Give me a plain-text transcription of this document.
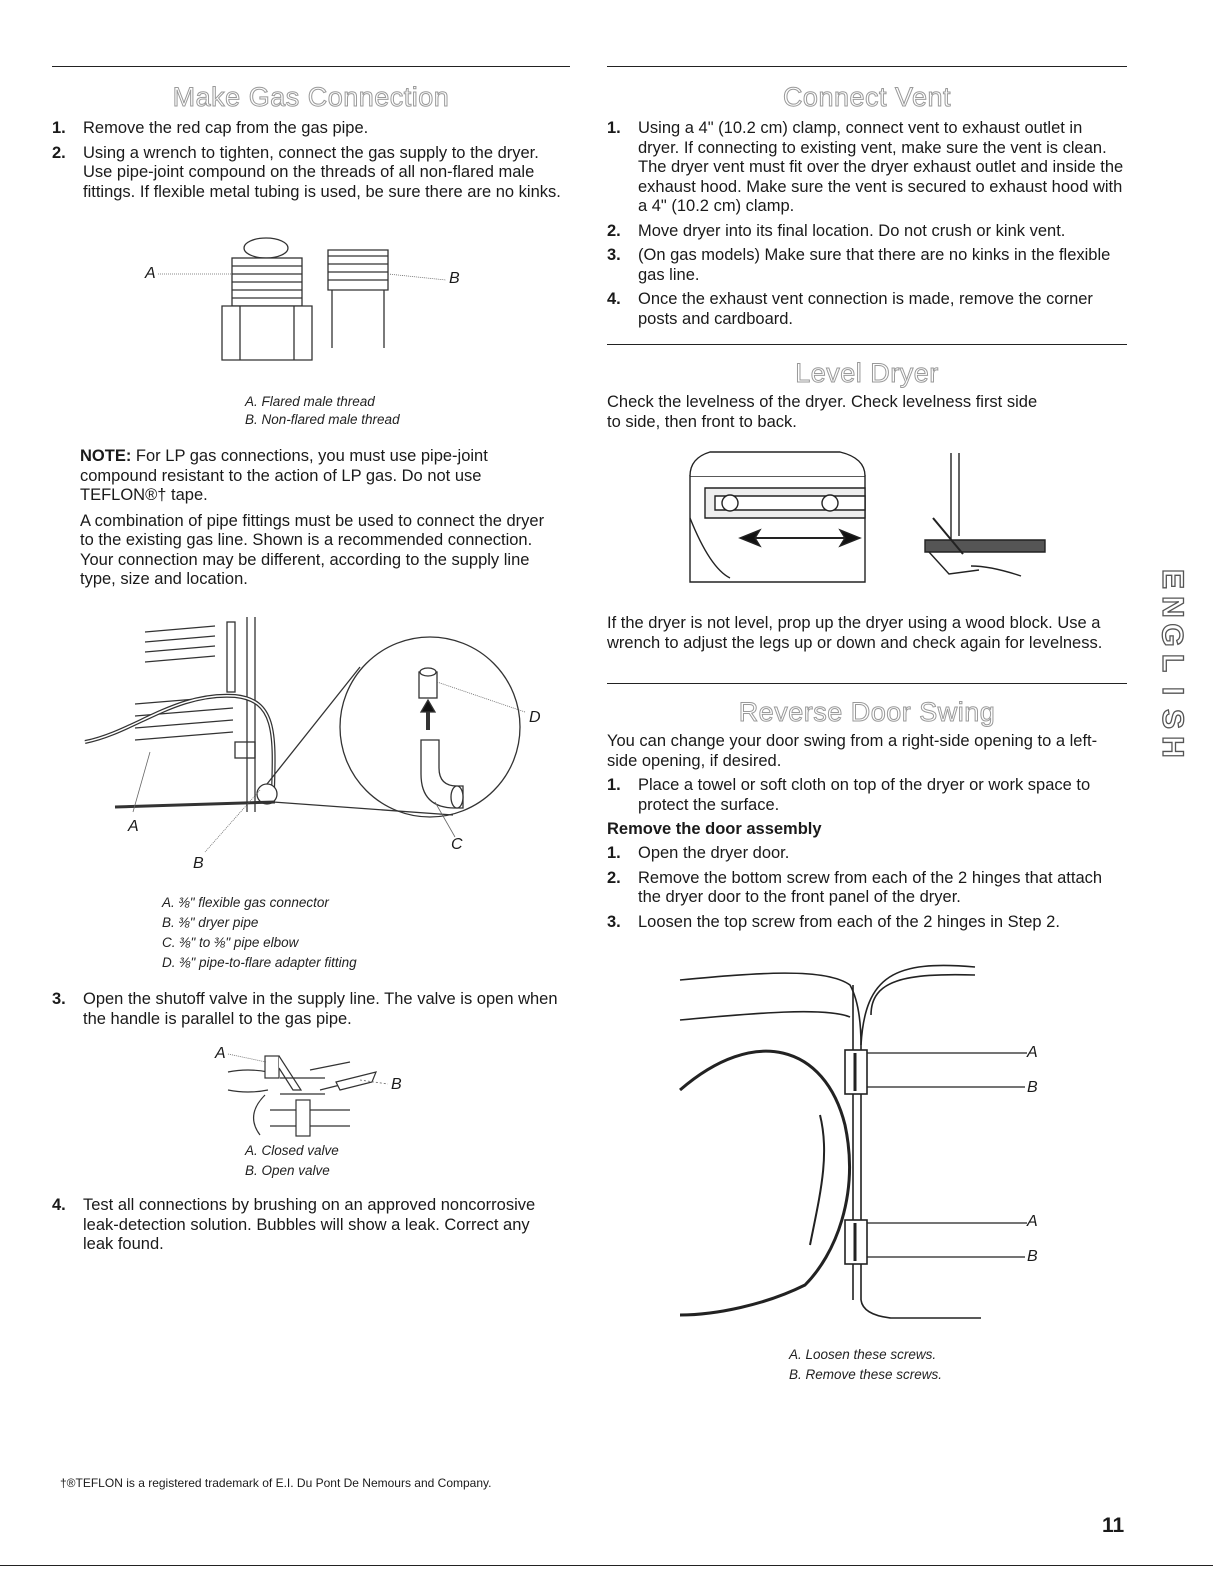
Make Gas Connection
1. Remove the red cap from the gas pipe.
2. Using a wrench to tighten, connect the gas supply to the dryer. Use pipe-joint compound on the threads of all non-flared male fittings. If flexible metal tubing is used, be sure there are no kinks.
A	B
A. Flared male thread
B. Non-flared male thread

NOTE: For LP gas connections, you must use pipe-joint compound resistant to the action of LP gas. Do not use TEFLON®† tape.

A combination of pipe fittings must be used to connect the dryer to the existing gas line. Shown is a recommended connection. Your connection may be different, according to the supply line type, size and location.

A
B
C
D
A. ⅜" flexible gas connector
B. ⅜" dryer pipe
C. ⅜" to ⅜" pipe elbow
D. ⅜" pipe-to-flare adapter fitting
3. Open the shutoff valve in the supply line. The valve is open when the handle is parallel to the gas pipe.
A
B
A. Closed valve
B. Open valve
4. Test all connections by brushing on an approved noncorrosive leak-detection solution. Bubbles will show a leak. Correct any leak found.
Connect Vent
1. Using a 4" (10.2 cm) clamp, connect vent to exhaust outlet in dryer. If connecting to existing vent, make sure the vent is clean. The dryer vent must fit over the dryer exhaust outlet and inside the exhaust hood. Make sure the vent is secured to exhaust hood with a 4" (10.2 cm) clamp.
2. Move dryer into its final location. Do not crush or kink vent.
3. (On gas models) Make sure that there are no kinks in the flexible gas line.
4. Once the exhaust vent connection is made, remove the corner posts and cardboard.
Level Dryer

Check the levelness of the dryer. Check levelness first side to side, then front to back.

If the dryer is not level, prop up the dryer using a wood block. Use a wrench to adjust the legs up or down and check again for levelness.

Reverse Door Swing

You can change your door swing from a right-side opening to a left-side opening, if desired.

1. Place a towel or soft cloth on top of the dryer or work space to protect the surface.
Remove the door assembly
1. Open the dryer door.
2. Remove the bottom screw from each of the 2 hinges that attach the dryer door to the front panel of the dryer.
3. Loosen the top screw from each of the 2 hinges in Step 2.
A
B
A
B
A. Loosen these screws.
B. Remove these screws.
E
N
G
L
I
S
H
†®TEFLON is a registered trademark of E.I. Du Pont De Nemours and Company.
11
